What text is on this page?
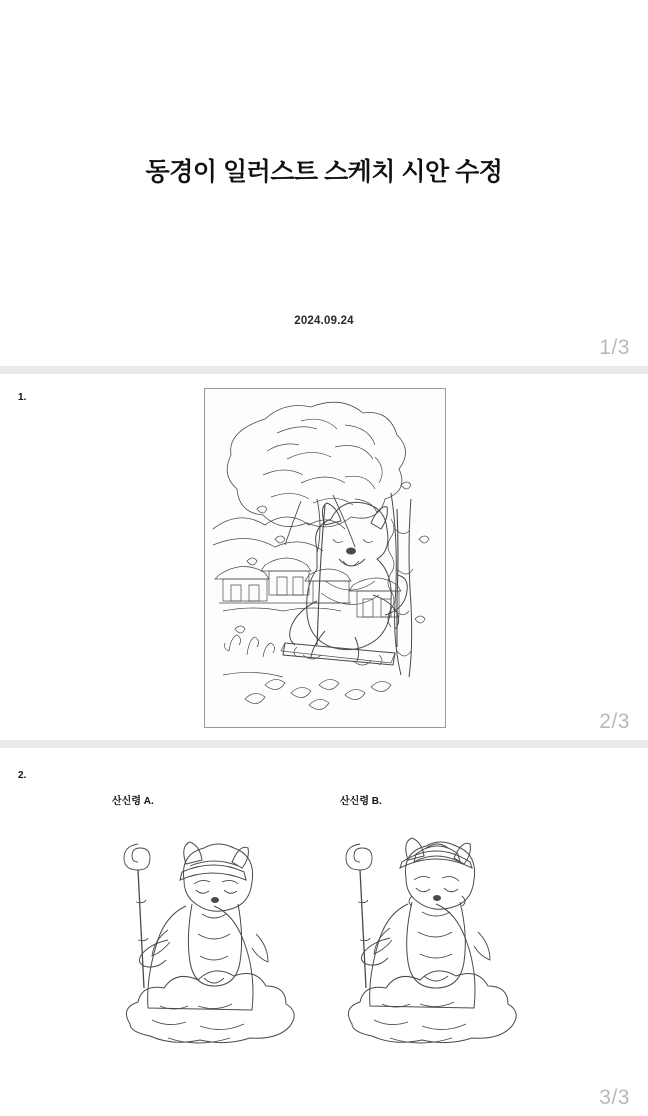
동경이 일러스트 스케치 시안 수정
2024.09.24
1/3
1.
2/3
2.
산신령 A.	산신령 B.
3/3
